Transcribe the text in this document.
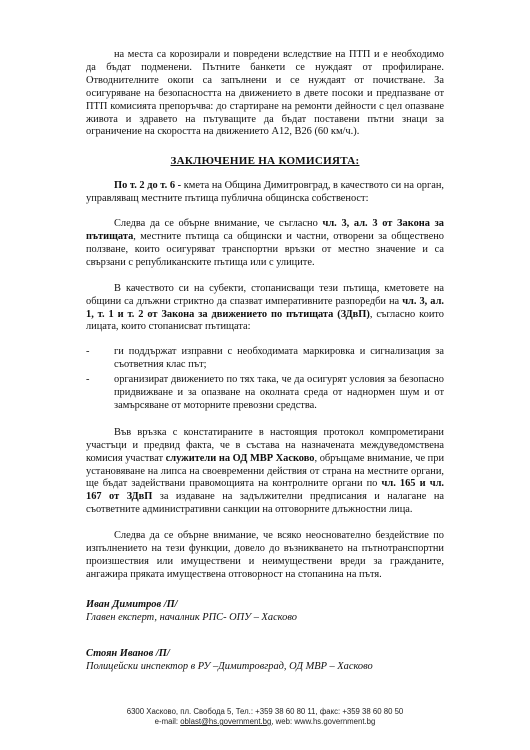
на места са корозирали и повредени вследствие на ПТП и е необходимо да бъдат подменени. Пътните банкети се нуждаят от профилиране. Отводнителните окопи са запълнени и се нуждаят от почистване. За осигуряване на безопасността на движението в двете посоки и предпазване от ПТП комисията препоръчва: до стартиране на ремонти дейности с цел опазване живота и здравето на пътуващите да бъдат поставени пътни знаци за ограничение на скоростта на движението А12, В26 (60 км/ч.).

ЗАКЛЮЧЕНИЕ НА КОМИСИЯТА:

По т. 2 до т. 6 - кмета на Община Димитровград, в качеството си на орган, управляващ местните пътища публична общинска собственост:

Следва да се обърне внимание, че съгласно чл. 3, ал. 3 от Закона за пътищата, местните пътища са общински и частни, отворени за обществено ползване, които осигуряват транспортни връзки от местно значение и са свързани с републиканските пътища или с улиците.

В качеството си на субекти, стопанисващи тези пътища, кметовете на общини са длъжни стриктно да спазват императивните разпоредби на чл. 3, ал. 1, т. 1 и т. 2 от Закона за движението по пътищата (ЗДвП), съгласно които лицата, които стопанисват пътищата:

-	ги поддържат изправни с необходимата маркировка и сигнализация за съответния клас път;
-	организират движението по тях така, че да осигурят условия за безопасно придвижване и за опазване на околната среда от наднормен шум и от замърсяване от моторните превозни средства.

Във връзка с констатираните в настоящия протокол компрометирани участъци и предвид факта, че в състава на назначената междуведомствена комисия участват служители на ОД МВР Хасково, обръщаме внимание, че при установяване на липса на своевременни действия от страна на местните органи, ще бъдат задействани правомощията на контролните органи по чл. 165 и чл. 167 от ЗДвП за издаване на задължителни предписания и налагане на съответните административни санкции на отговорните длъжностни лица.

Следва да се обърне внимание, че всяко неоснователно бездействие по изпълнението на тези функции, довело до възникването на пътнотранспортни произшествия или имуществени и неимуществени вреди за гражданите, ангажира пряката имуществена отговорност на стопанина на пътя.

Иван Димитров /П/
Главен експерт, началник РПС- ОПУ – Хасково
Стоян Иванов /П/
Полицейски инспектор в РУ –Димитровград, ОД МВР – Хасково
6300 Хасково, пл. Свобода 5, Тел.: +359 38 60 80 11, факс: +359 38 60 80 50
e-mail: oblast@hs.government.bg, web: www.hs.government.bg
